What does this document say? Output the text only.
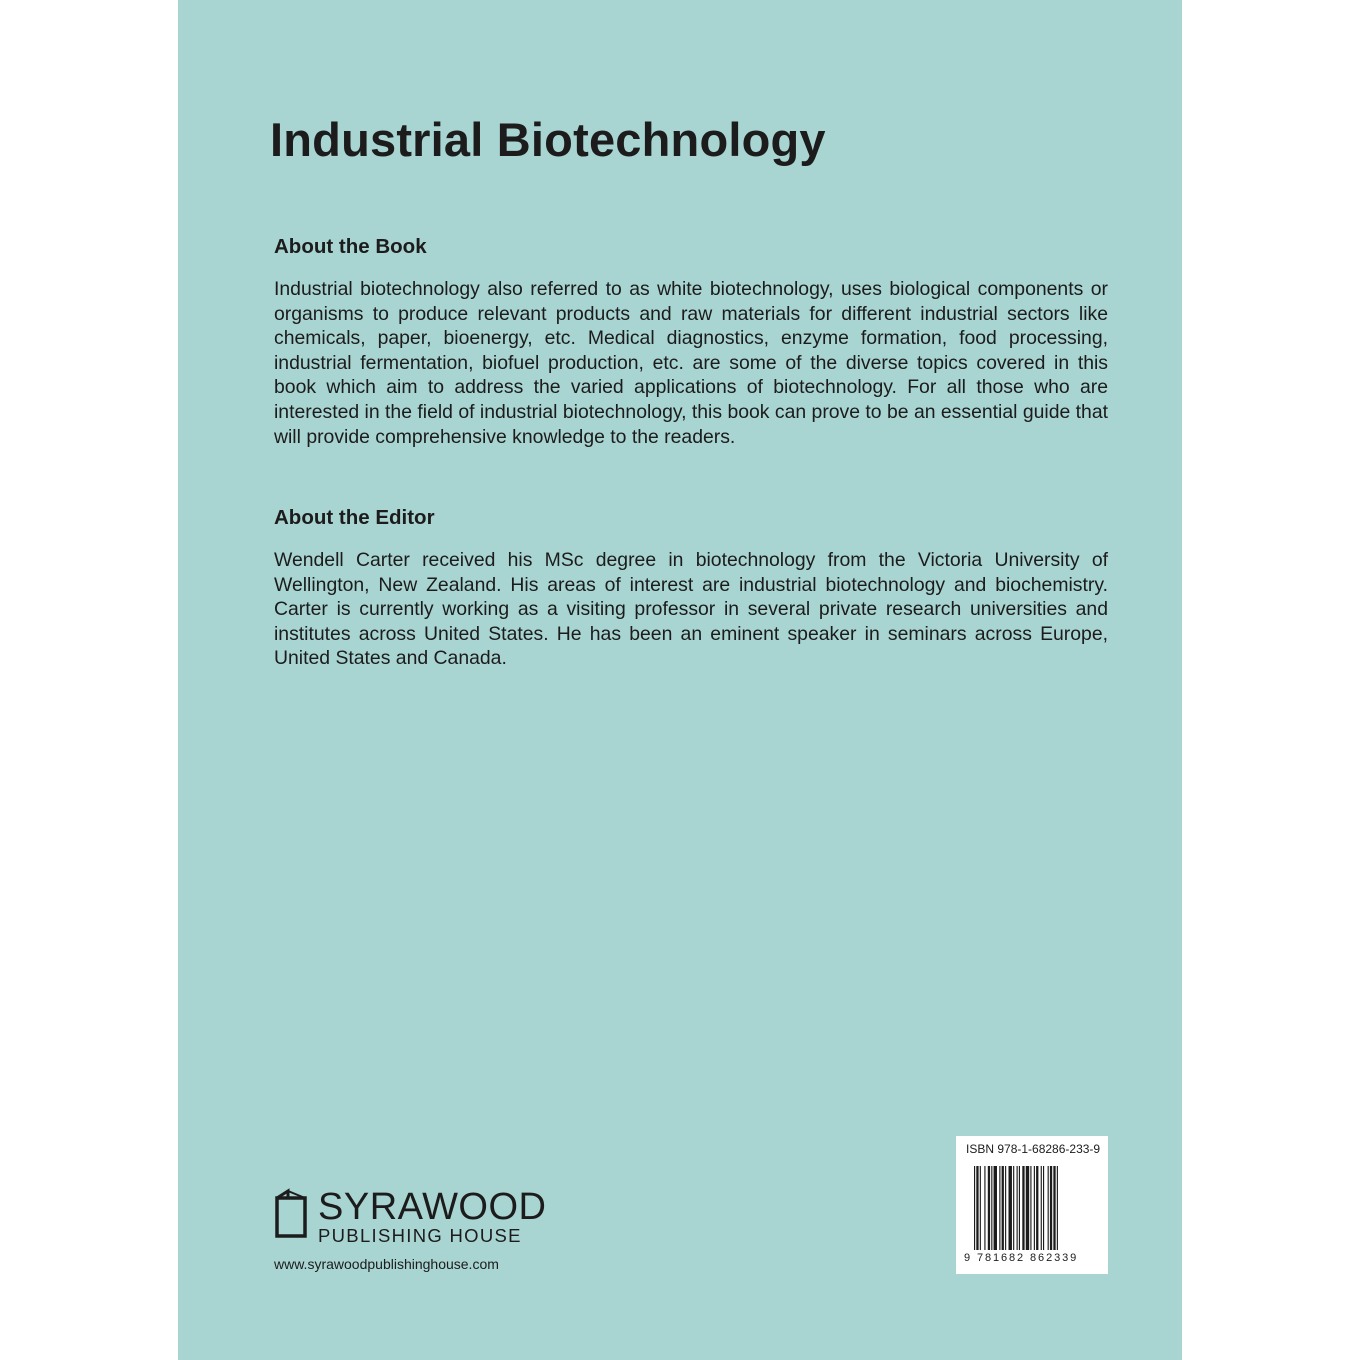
Industrial Biotechnology
About the Book

Industrial biotechnology also referred to as white biotechnology, uses biological components or organisms to produce relevant products and raw materials for different industrial sectors like chemicals, paper, bioenergy, etc. Medical diagnostics, enzyme formation, food processing, industrial fermentation, biofuel production, etc. are some of the diverse topics covered in this book which aim to address the varied applications of biotechnology. For all those who are interested in the field of industrial biotechnology, this book can prove to be an essential guide that will provide comprehensive knowledge to the readers.

About the Editor

Wendell Carter received his MSc degree in biotechnology from the Victoria University of Wellington, New Zealand. His areas of interest are industrial biotechnology and biochemistry. Carter is currently working as a visiting professor in several private research universities and institutes across United States. He has been an eminent speaker in seminars across Europe, United States and Canada.

SYRAWOOD

PUBLISHING HOUSE

www.syrawoodpublishinghouse.com

ISBN 978-1-68286-233-9

9 781682 862339
